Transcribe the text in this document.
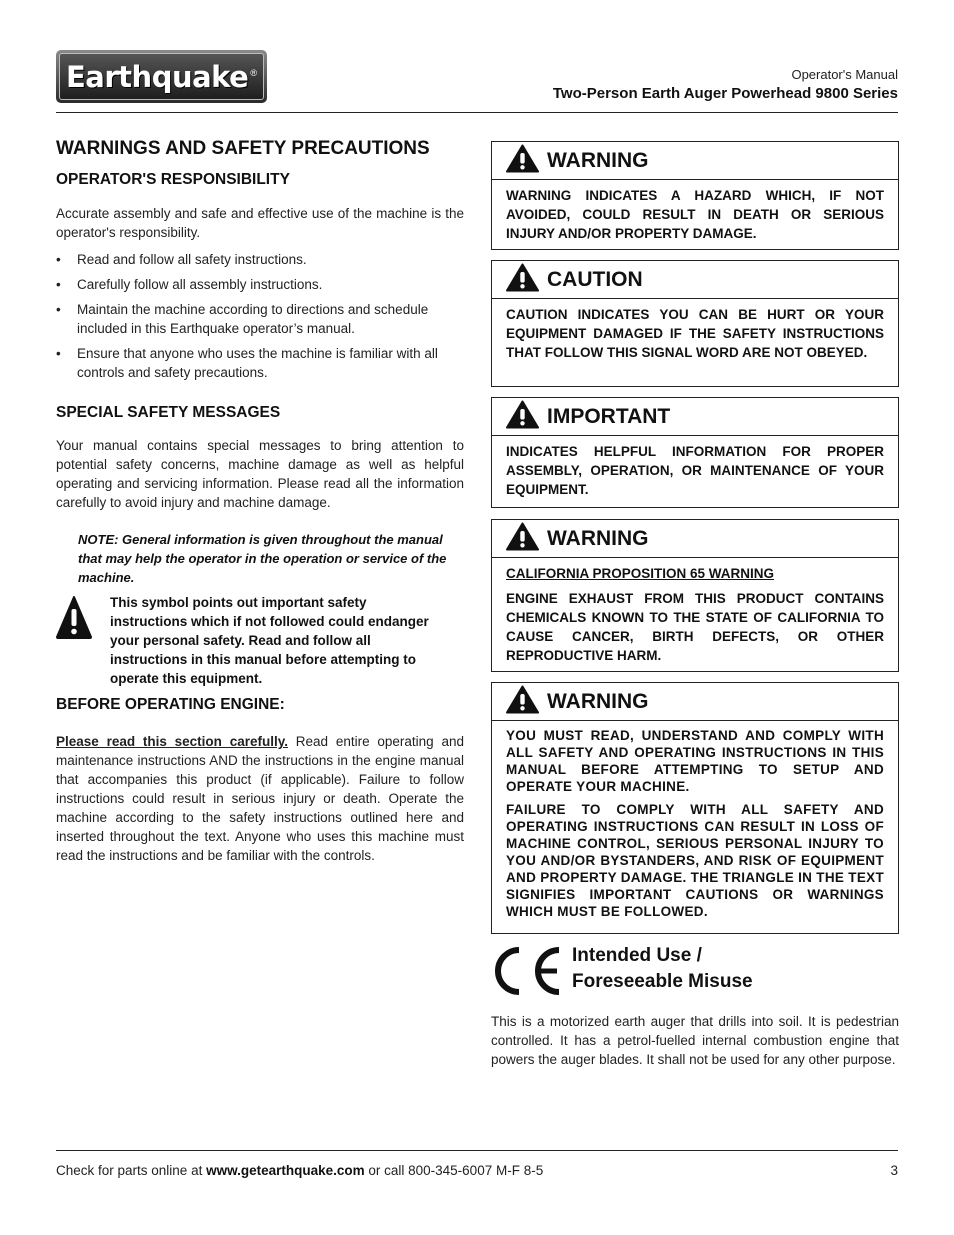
Earthquake ®	Operator's Manual
Two-Person Earth Auger Powerhead 9800 Series
WARNINGS AND SAFETY PRECAUTIONS
OPERATOR'S RESPONSIBILITY
Accurate assembly and safe and effective use of the machine is the operator's responsibility.
• Read and follow all safety instructions.
• Carefully follow all assembly instructions.
• Maintain the machine according to directions and schedule included in this Earthquake operator’s manual.
• Ensure that anyone who uses the machine is familiar with all controls and safety precautions.
SPECIAL SAFETY MESSAGES
Your manual contains special messages to bring attention to potential safety concerns, machine damage as well as helpful operating and servicing information. Please read all the information carefully to avoid injury and machine damage.
NOTE: General information is given throughout the manual that may help the operator in the operation or service of the machine.
This symbol points out important safety instructions which if not followed could endanger your personal safety. Read and follow all instructions in this manual before attempting to operate this equipment.
BEFORE OPERATING ENGINE:
Please read this section carefully. Read entire operating and maintenance instructions AND the instructions in the engine manual that accompanies this product (if applicable). Failure to follow instructions could result in serious injury or death. Operate the machine according to the safety instructions outlined here and inserted throughout the text. Anyone who uses this machine must read the instructions and be familiar with the controls.
WARNING
WARNING INDICATES A HAZARD WHICH, IF NOT AVOIDED, COULD RESULT IN DEATH OR SERIOUS INJURY AND/OR PROPERTY DAMAGE.
CAUTION
CAUTION INDICATES YOU CAN BE HURT OR YOUR EQUIPMENT DAMAGED IF THE SAFETY INSTRUCTIONS THAT FOLLOW THIS SIGNAL WORD ARE NOT OBEYED.
IMPORTANT
INDICATES HELPFUL INFORMATION FOR PROPER ASSEMBLY, OPERATION, OR MAINTENANCE OF YOUR EQUIPMENT.
WARNING
CALIFORNIA PROPOSITION 65 WARNING
ENGINE EXHAUST FROM THIS PRODUCT CONTAINS CHEMICALS KNOWN TO THE STATE OF CALIFORNIA TO CAUSE CANCER, BIRTH DEFECTS, OR OTHER REPRODUCTIVE HARM.
WARNING
YOU MUST READ, UNDERSTAND AND COMPLY WITH ALL SAFETY AND OPERATING INSTRUCTIONS IN THIS MANUAL BEFORE ATTEMPTING TO SETUP AND OPERATE YOUR MACHINE.
FAILURE TO COMPLY WITH ALL SAFETY AND OPERATING INSTRUCTIONS CAN RESULT IN LOSS OF MACHINE CONTROL, SERIOUS PERSONAL INJURY TO YOU AND/OR BYSTANDERS, AND RISK OF EQUIPMENT AND PROPERTY DAMAGE. THE TRIANGLE IN THE TEXT SIGNIFIES IMPORTANT CAUTIONS OR WARNINGS WHICH MUST BE FOLLOWED.
Intended Use /
Foreseeable Misuse
This is a motorized earth auger that drills into soil. It is pedestrian controlled. It has a petrol-fuelled internal combustion engine that powers the auger blades. It shall not be used for any other purpose.
Check for parts online at www.getearthquake.com or call 800-345-6007 M-F 8-5	3
